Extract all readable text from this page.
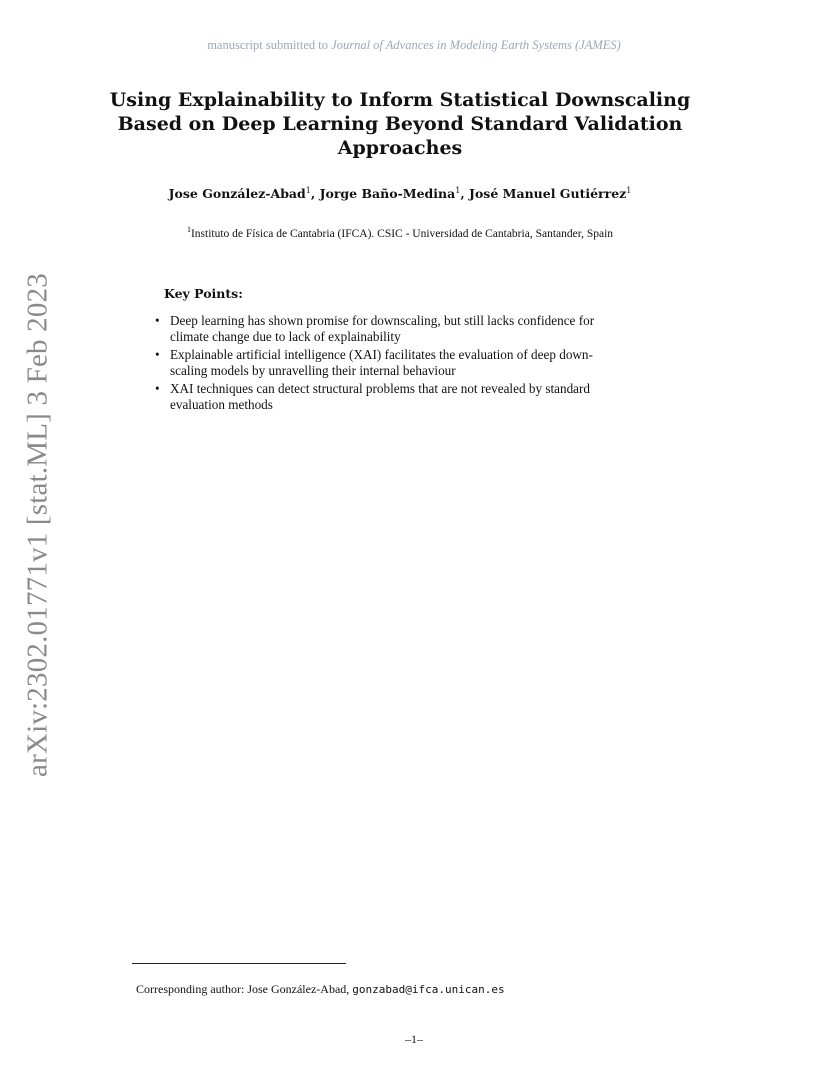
manuscript submitted to Journal of Advances in Modeling Earth Systems (JAMES)
arXiv:2302.01771v1 [stat.ML] 3 Feb 2023
Using Explainability to Inform Statistical Downscaling
Based on Deep Learning Beyond Standard Validation
Approaches
Jose González-Abad$^1$, Jorge Baño-Medina$^1$, José Manuel Gutiérrez$^1$
$^1$Instituto de Física de Cantabria (IFCA). CSIC - Universidad de Cantabria, Santander, Spain
Key Points:
• Deep learning has shown promise for downscaling, but still lacks confidence for
climate change due to lack of explainability
• Explainable artificial intelligence (XAI) facilitates the evaluation of deep down-
scaling models by unravelling their internal behaviour
• XAI techniques can detect structural problems that are not revealed by standard
evaluation methods
Corresponding author: Jose González-Abad, gonzabad@ifca.unican.es
–1–
